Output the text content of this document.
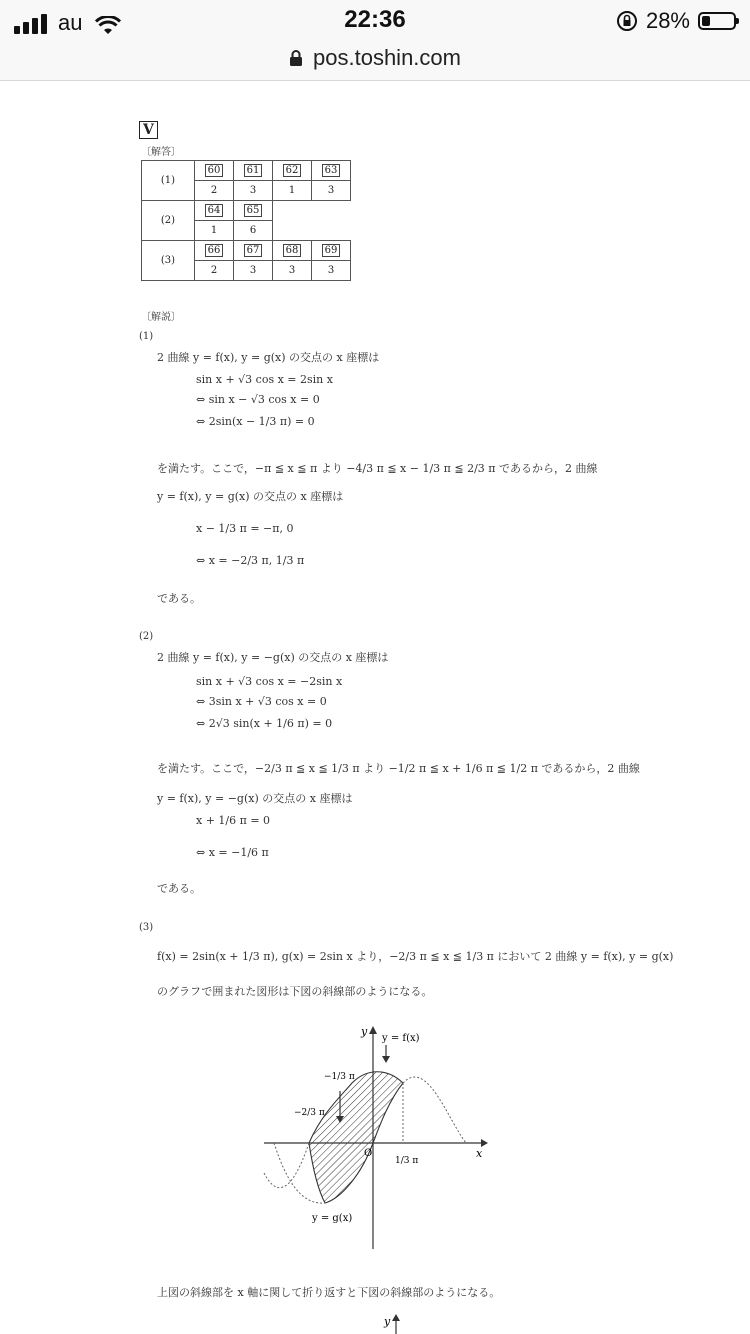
au	22:36	28%
pos.toshin.com
V
〔解答〕
(1)	60	61	62	63
	2	3	1	3
(2)	64	65		
	1	6		
(3)	66	67	68	69
	2	3	3	3
〔解説〕
(1)
2 曲線 y = f(x), y = g(x) の交点の x 座標は
sin x + √3 cos x = 2sin x
⇔ sin x − √3 cos x = 0
⇔ 2sin(x − 1/3 π) = 0
を満たす。ここで，−π ≦ x ≦ π より −4/3 π ≦ x − 1/3 π ≦ 2/3 π であるから，2 曲線
y = f(x), y = g(x) の交点の x 座標は
x − 1/3 π = −π, 0
⇔ x = −2/3 π, 1/3 π
である。
(2)
2 曲線 y = f(x), y = −g(x) の交点の x 座標は
sin x + √3 cos x = −2sin x
⇔ 3sin x + √3 cos x = 0
⇔ 2√3 sin(x + 1/6 π) = 0
を満たす。ここで，−2/3 π ≦ x ≦ 1/3 π より −1/2 π ≦ x + 1/6 π ≦ 1/2 π であるから，2 曲線
y = f(x), y = −g(x) の交点の x 座標は
x + 1/6 π = 0
⇔ x = −1/6 π
である。
(3)
f(x) = 2sin(x + 1/3 π), g(x) = 2sin x より，−2/3 π ≦ x ≦ 1/3 π において 2 曲線 y = f(x), y = g(x)
のグラフで囲まれた図形は下図の斜線部のようになる。
y
x
O
y = f(x)
y = g(x)
−1/3 π
−2/3 π
1/3 π
上図の斜線部を x 軸に関して折り返すと下図の斜線部のようになる。
y
